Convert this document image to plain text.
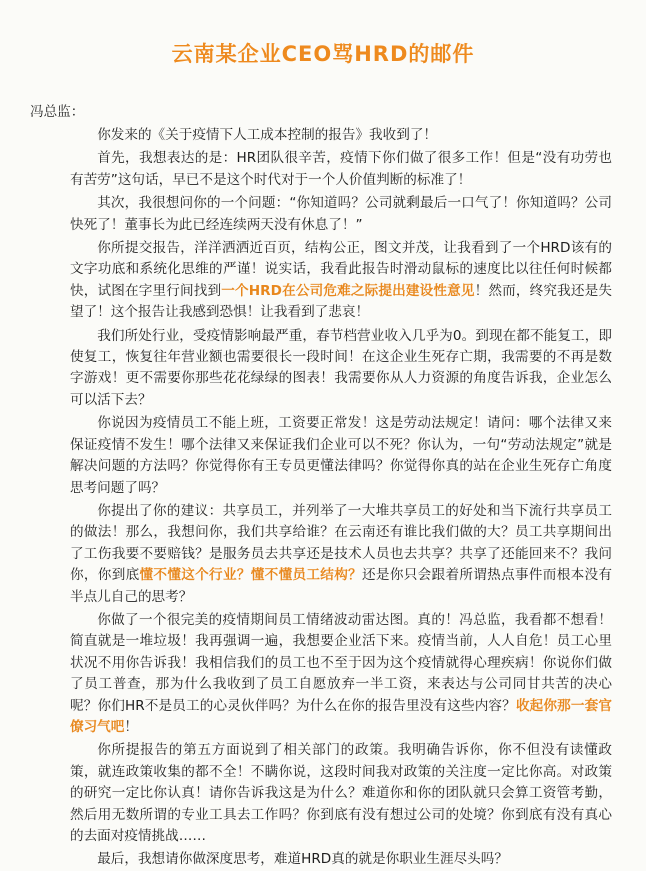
云南某企业CEO骂HRD的邮件
冯总监：

你发来的《关于疫情下人工成本控制的报告》我收到了！

首先，我想表达的是：HR团队很辛苦，疫情下你们做了很多工作！但是“没有功劳也有苦劳”这句话，早已不是这个时代对于一个人价值判断的标准了！

其次，我很想问你的一个问题：“你知道吗？公司就剩最后一口气了！你知道吗？公司快死了！董事长为此已经连续两天没有休息了！”

你所提交报告，洋洋洒洒近百页，结构公正，图文并茂，让我看到了一个HRD该有的文字功底和系统化思维的严谨！说实话，我看此报告时滑动鼠标的速度比以往任何时候都快，试图在字里行间找到一个HRD在公司危难之际提出建设性意见！然而，终究我还是失望了！这个报告让我感到恐惧！让我看到了悲哀！

我们所处行业，受疫情影响最严重，春节档营业收入几乎为0。到现在都不能复工，即使复工，恢复往年营业额也需要很长一段时间！在这企业生死存亡期，我需要的不再是数字游戏！更不需要你那些花花绿绿的图表！我需要你从人力资源的角度告诉我，企业怎么可以活下去？

你说因为疫情员工不能上班，工资要正常发！这是劳动法规定！请问：哪个法律又来保证疫情不发生！哪个法律又来保证我们企业可以不死？你认为，一句“劳动法规定”就是解决问题的方法吗？你觉得你有王专员更懂法律吗？你觉得你真的站在企业生死存亡角度思考问题了吗？

你提出了你的建议：共享员工，并列举了一大堆共享员工的好处和当下流行共享员工的做法！那么，我想问你，我们共享给谁？在云南还有谁比我们做的大？员工共享期间出了工伤我要不要赔钱？是服务员去共享还是技术人员也去共享？共享了还能回来不？我问你，你到底懂不懂这个行业？懂不懂员工结构？还是你只会跟着所谓热点事件而根本没有半点儿自己的思考？

你做了一个很完美的疫情期间员工情绪波动雷达图。真的！冯总监，我看都不想看！简直就是一堆垃圾！我再强调一遍，我想要企业活下来。疫情当前，人人自危！员工心里状况不用你告诉我！我相信我们的员工也不至于因为这个疫情就得心理疾病！你说你们做了员工普查，那为什么我收到了员工自愿放弃一半工资，来表达与公司同甘共苦的决心呢？你们HR不是员工的心灵伙伴吗？为什么在你的报告里没有这些内容？收起你那一套官僚习气吧！

你所提报告的第五方面说到了相关部门的政策。我明确告诉你，你不但没有读懂政策，就连政策收集的都不全！不瞒你说，这段时间我对政策的关注度一定比你高。对政策的研究一定比你认真！请你告诉我这是为什么？难道你和你的团队就只会算工资管考勤，然后用无数所谓的专业工具去工作吗？你到底有没有想过公司的处境？你到底有没有真心的去面对疫情挑战……

最后，我想请你做深度思考，难道HRD真的就是你职业生涯尽头吗？
